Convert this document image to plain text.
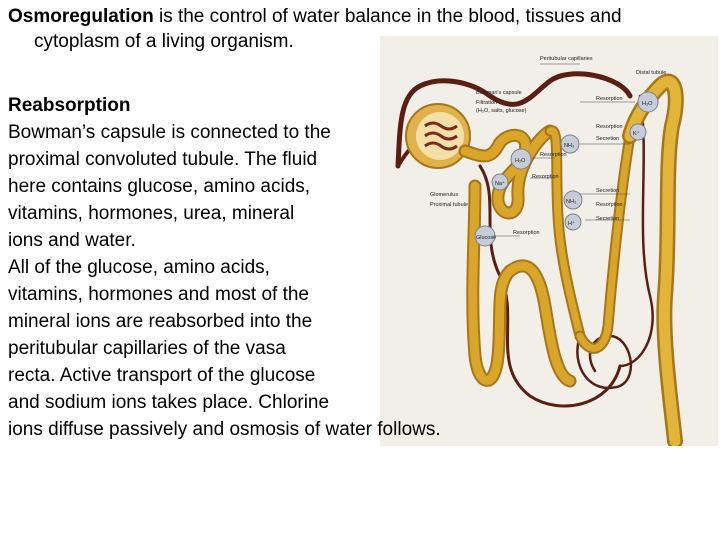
Osmoregulation is the control of water balance in the blood, tissues and
cytoplasm of a living organism.
Peritubular capillaries
Distal tubule
Bowman's capsule
Filtration
(H₂O, salts, glucose)
Resorption
Resorption
Secretion
Resorption
Resorption
Secretion
Resorption
Secretion
Resorption
Glomerulus
Proximal tubule
H₂O
H₂O
K⁺
NH₃
NH₃
Na⁺
H⁺
Glucose
Reabsorption
Bowman’s capsule is connected to the
proximal convoluted tubule. The fluid
here contains glucose, amino acids,
vitamins, hormones, urea, mineral
ions and water.
All of the glucose, amino acids,
vitamins, hormones and most of the
mineral ions are reabsorbed into the
peritubular capillaries of the vasa
recta. Active transport of the glucose
and sodium ions takes place. Chlorine
ions diffuse passively and osmosis of water follows.
